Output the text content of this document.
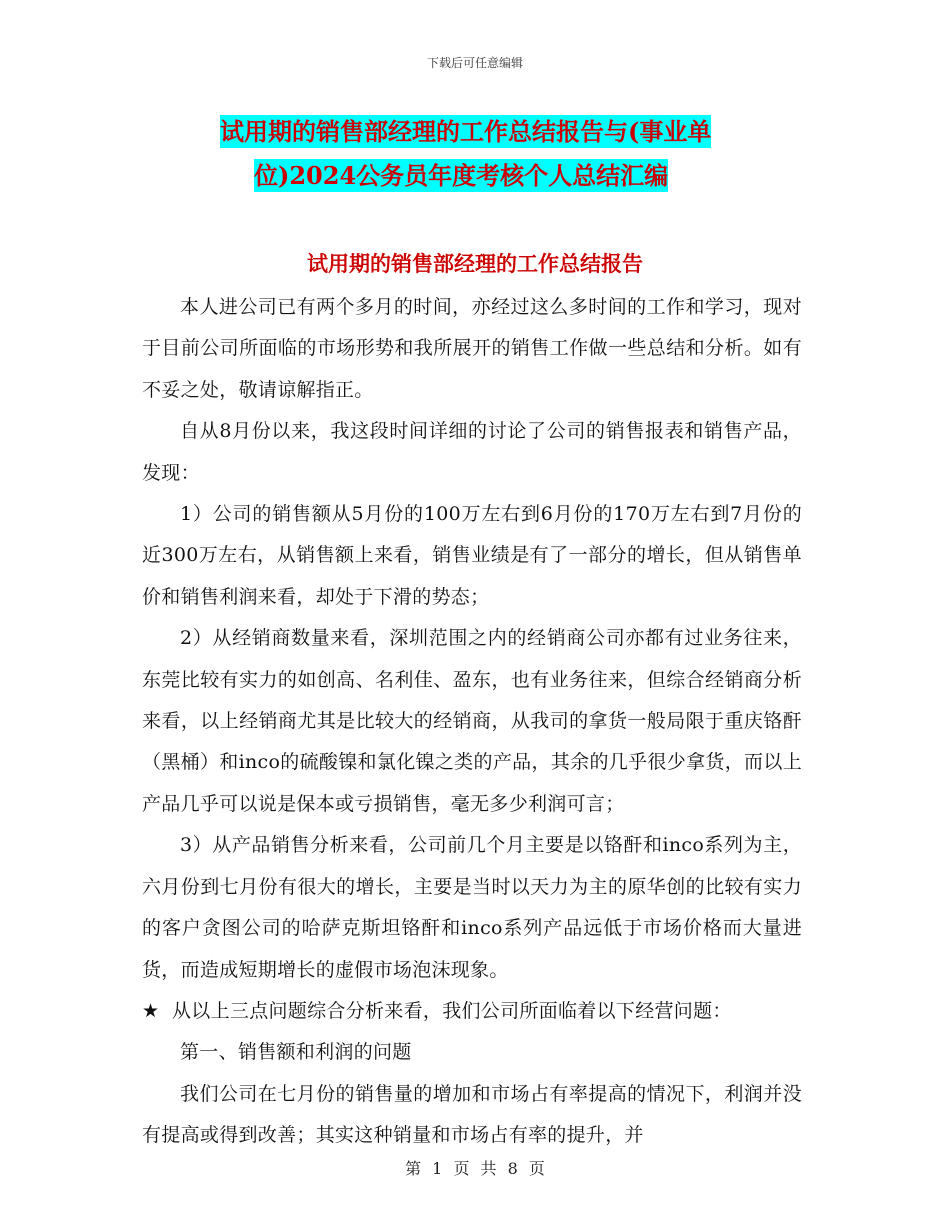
下载后可任意编辑
试用期的销售部经理的工作总结报告与(事业单
位)2024公务员年度考核个人总结汇编
试用期的销售部经理的工作总结报告

本人进公司已有两个多月的时间，亦经过这么多时间的工作和学习，现对于目前公司所面临的市场形势和我所展开的销售工作做一些总结和分析。如有不妥之处，敬请谅解指正。

自从8月份以来，我这段时间详细的讨论了公司的销售报表和销售产品，发现：

1）公司的销售额从5月份的100万左右到6月份的170万左右到7月份的近300万左右，从销售额上来看，销售业绩是有了一部分的增长，但从销售单价和销售利润来看，却处于下滑的势态；

2）从经销商数量来看，深圳范围之内的经销商公司亦都有过业务往来，东莞比较有实力的如创高、名利佳、盈东，也有业务往来，但综合经销商分析来看，以上经销商尤其是比较大的经销商，从我司的拿货一般局限于重庆铬酐（黑桶）和inco的硫酸镍和氯化镍之类的产品，其余的几乎很少拿货，而以上产品几乎可以说是保本或亏损销售，毫无多少利润可言；

3）从产品销售分析来看，公司前几个月主要是以铬酐和inco系列为主，六月份到七月份有很大的增长，主要是当时以天力为主的原华创的比较有实力的客户贪图公司的哈萨克斯坦铬酐和inco系列产品远低于市场价格而大量进货，而造成短期增长的虚假市场泡沫现象。

★ 从以上三点问题综合分析来看，我们公司所面临着以下经营问题：

第一、销售额和利润的问题

我们公司在七月份的销售量的增加和市场占有率提高的情况下，利润并没有提高或得到改善；其实这种销量和市场占有率的提升，并

第 1 页 共 8 页
